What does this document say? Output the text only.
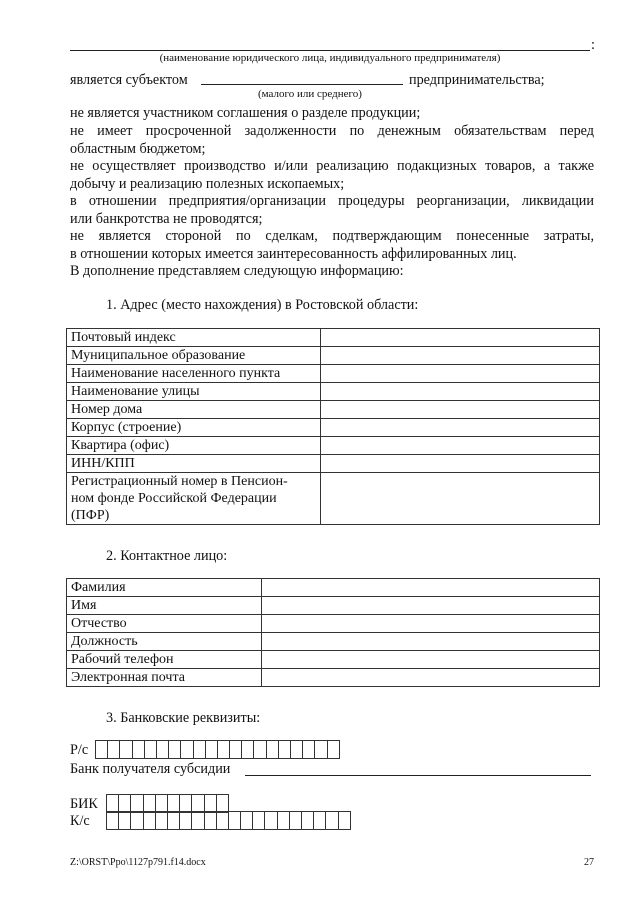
:
(наименование юридического лица, индивидуального предпринимателя)
является субъектом	предпринимательства;
(малого или среднего)
не является участником соглашения о разделе продукции;
не имеет просроченной задолженности по денежным обязательствам перед
областным бюджетом;
не осуществляет производство и/или реализацию подакцизных товаров, а также
добычу и реализацию полезных ископаемых;
в отношении предприятия/организации процедуры реорганизации, ликвидации
или банкротства не проводятся;
не является стороной по сделкам, подтверждающим понесенные затраты,
в отношении которых имеется заинтересованность аффилированных лиц.
В дополнение представляем следующую информацию:
1. Адрес (место нахождения) в Ростовской области:
Почтовый индекс	
Муниципальное образование	
Наименование населенного пункта	
Наименование улицы	
Номер дома	
Корпус (строение)	
Квартира (офис)	
ИНН/КПП	

Регистрационный номер в Пенсион-
ном фонде Российской Федерации
(ПФР)	

2. Контактное лицо:
Фамилия	
Имя	
Отчество	
Должность	
Рабочий телефон	
Электронная почта	
3. Банковские реквизиты:
Р/с
Банк получателя субсидии
БИК
К/с
Z:\ORST\Ppo\1127p791.f14.docx	27
